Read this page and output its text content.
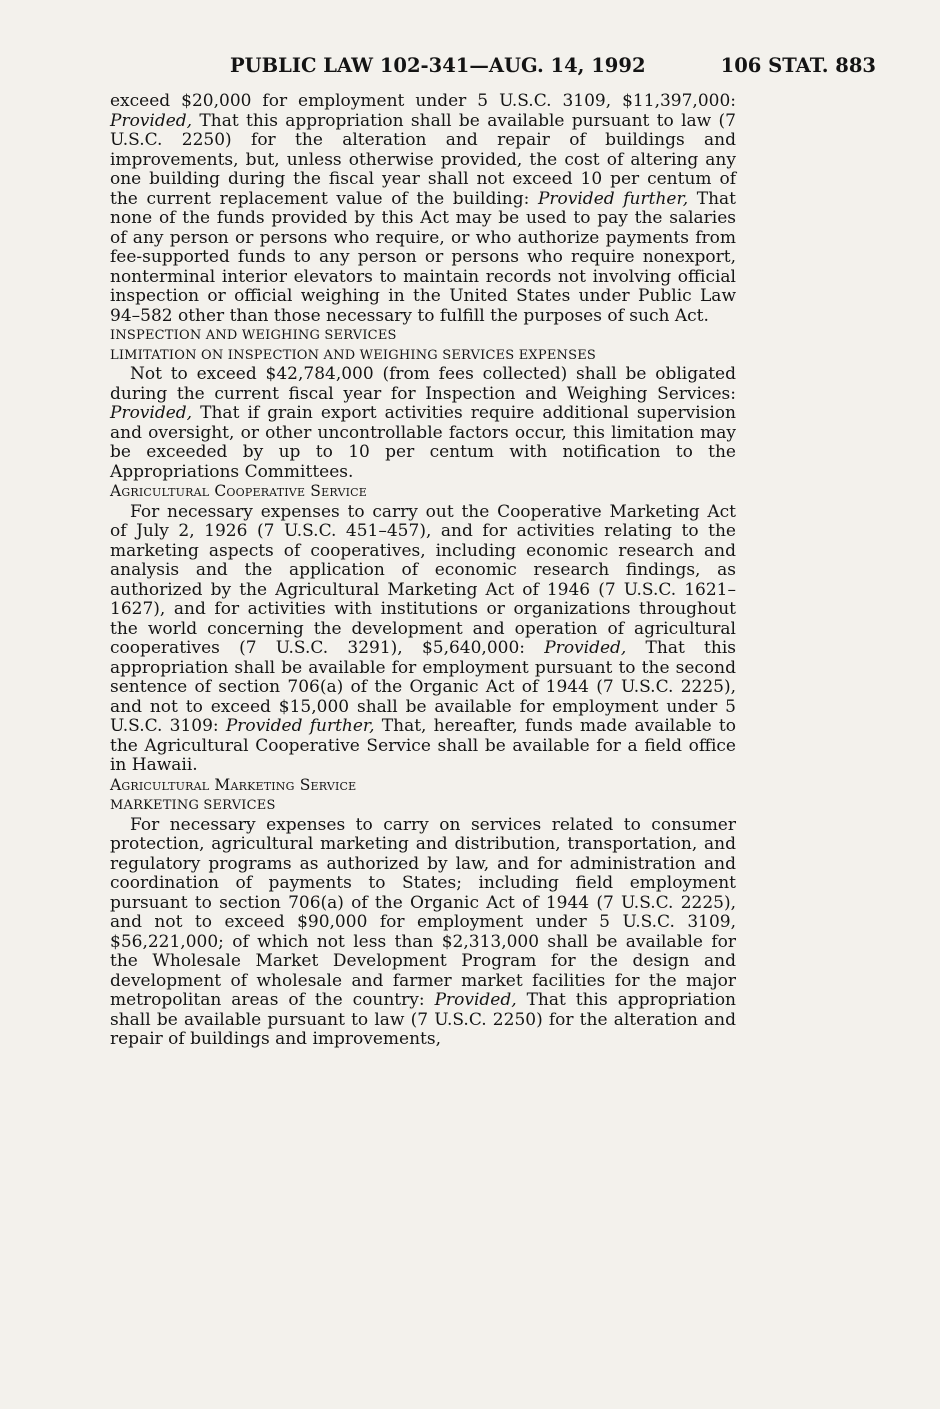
PUBLIC LAW 102-341—AUG. 14, 1992	106 STAT. 883

exceed $20,000 for employment under 5 U.S.C. 3109, $11,397,000: Provided, That this appropriation shall be available pursuant to law (7 U.S.C. 2250) for the alteration and repair of buildings and improvements, but, unless otherwise provided, the cost of altering any one building during the fiscal year shall not exceed 10 per centum of the current replacement value of the building: Provided further, That none of the funds provided by this Act may be used to pay the salaries of any person or persons who require, or who authorize payments from fee-supported funds to any person or persons who require nonexport, nonterminal interior elevators to maintain records not involving official inspection or official weighing in the United States under Public Law 94–582 other than those necessary to fulfill the purposes of such Act.

INSPECTION AND WEIGHING SERVICES

LIMITATION ON INSPECTION AND WEIGHING SERVICES EXPENSES

Not to exceed $42,784,000 (from fees collected) shall be obligated during the current fiscal year for Inspection and Weighing Services: Provided, That if grain export activities require additional supervision and oversight, or other uncontrollable factors occur, this limitation may be exceeded by up to 10 per centum with notification to the Appropriations Committees.

Agricultural Cooperative Service

For necessary expenses to carry out the Cooperative Marketing Act of July 2, 1926 (7 U.S.C. 451–457), and for activities relating to the marketing aspects of cooperatives, including economic research and analysis and the application of economic research findings, as authorized by the Agricultural Marketing Act of 1946 (7 U.S.C. 1621–1627), and for activities with institutions or organizations throughout the world concerning the development and operation of agricultural cooperatives (7 U.S.C. 3291), $5,640,000: Provided, That this appropriation shall be available for employment pursuant to the second sentence of section 706(a) of the Organic Act of 1944 (7 U.S.C. 2225), and not to exceed $15,000 shall be available for employment under 5 U.S.C. 3109: Provided further, That, hereafter, funds made available to the Agricultural Cooperative Service shall be available for a field office in Hawaii.

Agricultural Marketing Service

MARKETING SERVICES

For necessary expenses to carry on services related to consumer protection, agricultural marketing and distribution, transportation, and regulatory programs as authorized by law, and for administration and coordination of payments to States; including field employment pursuant to section 706(a) of the Organic Act of 1944 (7 U.S.C. 2225), and not to exceed $90,000 for employment under 5 U.S.C. 3109, $56,221,000; of which not less than $2,313,000 shall be available for the Wholesale Market Development Program for the design and development of wholesale and farmer market facilities for the major metropolitan areas of the country: Provided, That this appropriation shall be available pursuant to law (7 U.S.C. 2250) for the alteration and repair of buildings and improvements,
